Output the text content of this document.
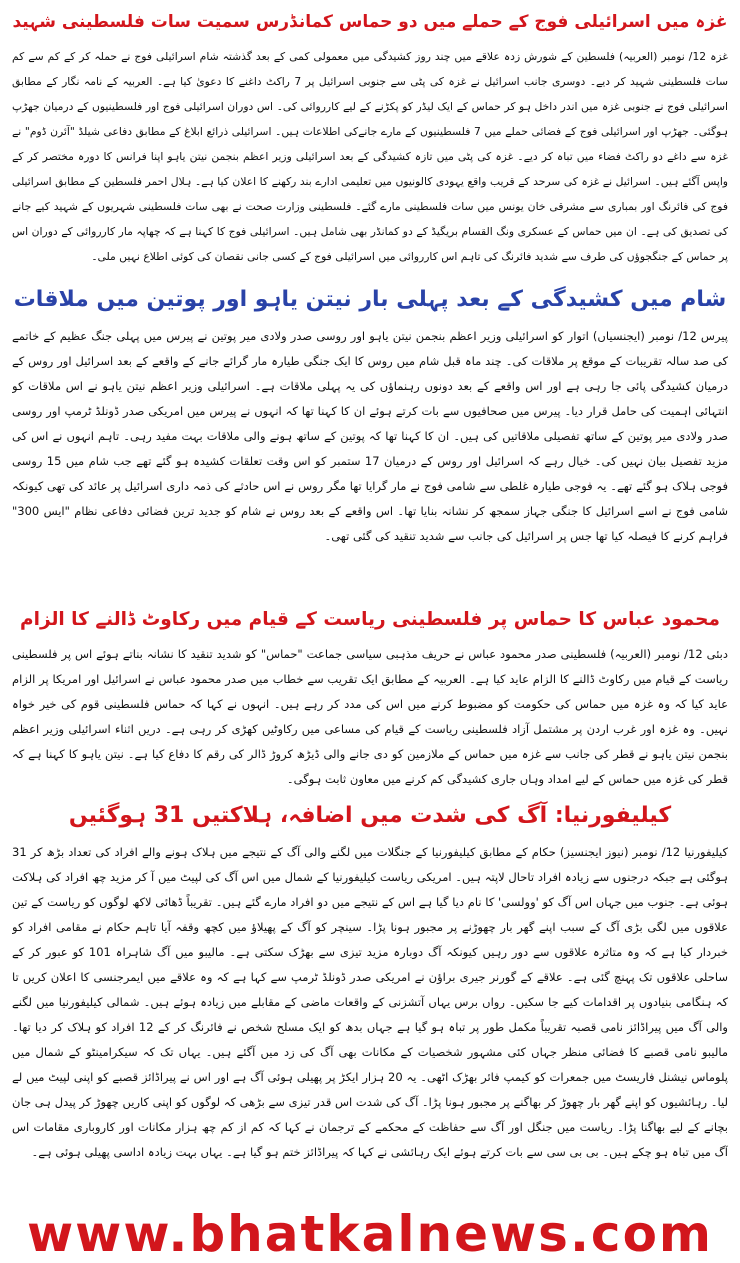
غزہ میں اسرائیلی فوج کے حملے میں دو حماس کمانڈرس سمیت سات فلسطینی شہید

غزہ 12/ نومبر (العربیہ) فلسطین کے شورش زدہ علاقے میں چند روز کشیدگی میں معمولی کمی کے بعد گذشتہ شام اسرائیلی فوج نے حملہ کر کے کم سے کم سات فلسطینی شہید کر دیے۔ دوسری جانب اسرائیل نے غزہ کی پٹی سے جنوبی اسرائیل پر 7 راکٹ داغنے کا دعویٰ کیا ہے۔ العربیہ کے نامہ نگار کے مطابق اسرائیلی فوج نے جنوبی غزہ میں اندر داخل ہو کر حماس کے ایک لیڈر کو پکڑنے کے لیے کارروائی کی۔ اس دوران اسرائیلی فوج اور فلسطینیوں کے درمیان جھڑپ ہوگئی۔ جھڑپ اور اسرائیلی فوج کے فضائی حملے میں 7 فلسطینیوں کے مارے جانےکی اطلاعات ہیں۔ اسرائیلی ذرائع ابلاغ کے مطابق دفاعی شیلڈ "آئرن ڈوم" نے غزہ سے داغے دو راکٹ فضاء میں تباہ کر دیے۔ غزہ کی پٹی میں تازہ کشیدگی کے بعد اسرائیلی وزیر اعظم بنجمن نیتن یاہو اپنا فرانس کا دورہ مختصر کر کے واپس آگئے ہیں۔ اسرائیل نے غزہ کی سرحد کے قریب واقع یہودی کالونیوں میں تعلیمی ادارے بند رکھنے کا اعلان کیا ہے۔ ہلال احمر فلسطین کے مطابق اسرائیلی فوج کی فائرنگ اور بمباری سے مشرقی خان یونس میں سات فلسطینی مارے گئے۔ فلسطینی وزارت صحت نے بھی سات فلسطینی شہریوں کے شہید کیے جانے کی تصدیق کی ہے۔ ان میں حماس کے عسکری ونگ القسام بریگیڈ کے دو کمانڈر بھی شامل ہیں۔ اسرائیلی فوج کا کہنا ہے کہ چھاپہ مار کارروائی کے دوران اس پر حماس کے جنگجوؤں کی طرف سے شدید فائرنگ کی تاہم اس کارروائی میں اسرائیلی فوج کے کسی جانی نقصان کی کوئی اطلاع نہیں ملی۔

شام میں کشیدگی کے بعد پہلی بار نیتن یاہو اور پوتین میں ملاقات

پیرس 12/ نومبر (ایجنسیاں) اتوار کو اسرائیلی وزیر اعظم بنجمن نیتن یاہو اور روسی صدر ولادی میر پوتین نے پیرس میں پہلی جنگ عظیم کے خاتمے کی صد سالہ تقریبات کے موقع پر ملاقات کی۔ چند ماہ قبل شام میں روس کا ایک جنگی طیارہ مار گرائے جانے کے واقعے کے بعد اسرائیل اور روس کے درمیان کشیدگی پائی جا رہی ہے اور اس واقعے کے بعد دونوں رہنماؤں کی یہ پہلی ملاقات ہے۔ اسرائیلی وزیر اعظم نیتن یاہو نے اس ملاقات کو انتہائی اہمیت کی حامل قرار دیا۔ پیرس میں صحافیوں سے بات کرتے ہوئے ان کا کہنا تھا کہ انہوں نے پیرس میں امریکی صدر ڈونلڈ ٹرمپ اور روسی صدر ولادی میر پوتین کے ساتھ تفصیلی ملاقاتیں کی ہیں۔ ان کا کہنا تھا کہ پوتین کے ساتھ ہونے والی ملاقات بہت مفید رہی۔ تاہم انہوں نے اس کی مزید تفصیل بیان نہیں کی۔ خیال رہے کہ اسرائیل اور روس کے درمیان 17 ستمبر کو اس وقت تعلقات کشیدہ ہو گئے تھے جب شام میں 15 روسی فوجی ہلاک ہو گئے تھے۔ یہ فوجی طیارہ غلطی سے شامی فوج نے مار گرایا تھا مگر روس نے اس حادثے کی ذمہ داری اسرائیل پر عائد کی تھی کیونکہ شامی فوج نے اسے اسرائیل کا جنگی جہاز سمجھ کر نشانہ بنایا تھا۔ اس واقعے کے بعد روس نے شام کو جدید ترین فضائی دفاعی نظام "ایس 300" فراہم کرنے کا فیصلہ کیا تھا جس پر اسرائیل کی جانب سے شدید تنقید کی گئی تھی۔

محمود عباس کا حماس پر فلسطینی ریاست کے قیام میں رکاوٹ ڈالنے کا الزام

دبئی 12/ نومبر (العربیہ) فلسطینی صدر محمود عباس نے حریف مذہبی سیاسی جماعت "حماس" کو شدید تنقید کا نشانہ بناتے ہوئے اس پر فلسطینی ریاست کے قیام میں رکاوٹ ڈالنے کا الزام عاید کیا ہے۔ العربیہ کے مطابق ایک تقریب سے خطاب میں صدر محمود عباس نے اسرائیل اور امریکا پر الزام عاید کیا کہ وہ غزہ میں حماس کی حکومت کو مضبوط کرنے میں اس کی مدد کر رہے ہیں۔ انہوں نے کہا کہ حماس فلسطینی قوم کی خیر خواہ نہیں۔ وہ غزہ اور غرب اردن پر مشتمل آزاد فلسطینی ریاست کے قیام کی مساعی میں رکاوٹیں کھڑی کر رہی ہے۔ دریں اثناء اسرائیلی وزیر اعظم بنجمن نیتن یاہو نے قطر کی جانب سے غزہ میں حماس کے ملازمین کو دی جانے والی ڈیڑھ کروڑ ڈالر کی رقم کا دفاع کیا ہے۔ نیتن یاہو کا کہنا ہے کہ قطر کی غزہ میں حماس کے لیے امداد وہاں جاری کشیدگی کم کرنے میں معاون ثابت ہوگی۔

کیلیفورنیا: آگ کی شدت میں اضافہ، ہلاکتیں 31 ہوگئیں

کیلیفورنیا 12/ نومبر (نیوز ایجنسیز) حکام کے مطابق کیلیفورنیا کے جنگلات میں لگنے والی آگ کے نتیجے میں ہلاک ہونے والے افراد کی تعداد بڑھ کر 31 ہوگئی ہے جبکہ درجنوں سے زیادہ افراد تاحال لاپتہ ہیں۔ امریکی ریاست کیلیفورنیا کے شمال میں اس آگ کی لپیٹ میں آ کر مزید چھ افراد کی ہلاکت ہوئی ہے۔ جنوب میں جہاں اس آگ کو 'وولسی' کا نام دیا گیا ہے اس کے نتیجے میں دو افراد مارے گئے ہیں۔ تقریباً ڈھائی لاکھ لوگوں کو ریاست کے تین علاقوں میں لگی بڑی آگ کے سبب اپنے گھر بار چھوڑنے پر مجبور ہونا پڑا۔ سینچر کو آگ کے پھیلاؤ میں کچھ وقفہ آیا تاہم حکام نے مقامی افراد کو خبردار کیا ہے کہ وہ متاثرہ علاقوں سے دور رہیں کیونکہ آگ دوبارہ مزید تیزی سے بھڑک سکتی ہے۔ مالیبو میں آگ شاہراہ 101 کو عبور کر کے ساحلی علاقوں تک پہنچ گئی ہے۔ علاقے کے گورنر جیری براؤن نے امریکی صدر ڈونلڈ ٹرمپ سے کہا ہے کہ وہ علاقے میں ایمرجنسی کا اعلان کریں تا کہ ہنگامی بنیادوں پر اقدامات کیے جا سکیں۔ رواں برس یہاں آتشزنی کے واقعات ماضی کے مقابلے میں زیادہ ہوئے ہیں۔ شمالی کیلیفورنیا میں لگنے والی آگ میں پیراڈائز نامی قصبہ تقریباً مکمل طور پر تباہ ہو گیا ہے جہاں بدھ کو ایک مسلح شخص نے فائرنگ کر کے 12 افراد کو ہلاک کر دیا تھا۔ مالیبو نامی قصبے کا فضائی منظر جہاں کئی مشہور شخصیات کے مکانات بھی آگ کی زد میں آگئے ہیں۔ یہاں تک کہ سیکرامینٹو کے شمال میں پلوماس نیشنل فاریسٹ میں جمعرات کو کیمپ فائر بھڑک اٹھی۔ یہ 20 ہزار ایکڑ پر پھیلی ہوئی آگ ہے اور اس نے پیراڈائز قصبے کو اپنی لپیٹ میں لے لیا۔ رہائشیوں کو اپنے گھر بار چھوڑ کر بھاگنے پر مجبور ہونا پڑا۔ آگ کی شدت اس قدر تیزی سے بڑھی کہ لوگوں کو اپنی کاریں چھوڑ کر پیدل ہی جان بچانے کے لیے بھاگنا پڑا۔ ریاست میں جنگل اور آگ سے حفاظت کے محکمے کے ترجمان نے کہا کہ کم از کم چھ ہزار مکانات اور کاروباری مقامات اس آگ میں تباہ ہو چکے ہیں۔ بی بی سی سے بات کرتے ہوئے ایک رہائشی نے کہا کہ پیراڈائز ختم ہو گیا ہے۔ یہاں بہت زیادہ اداسی پھیلی ہوئی ہے۔

www.bhatkalnews.com
